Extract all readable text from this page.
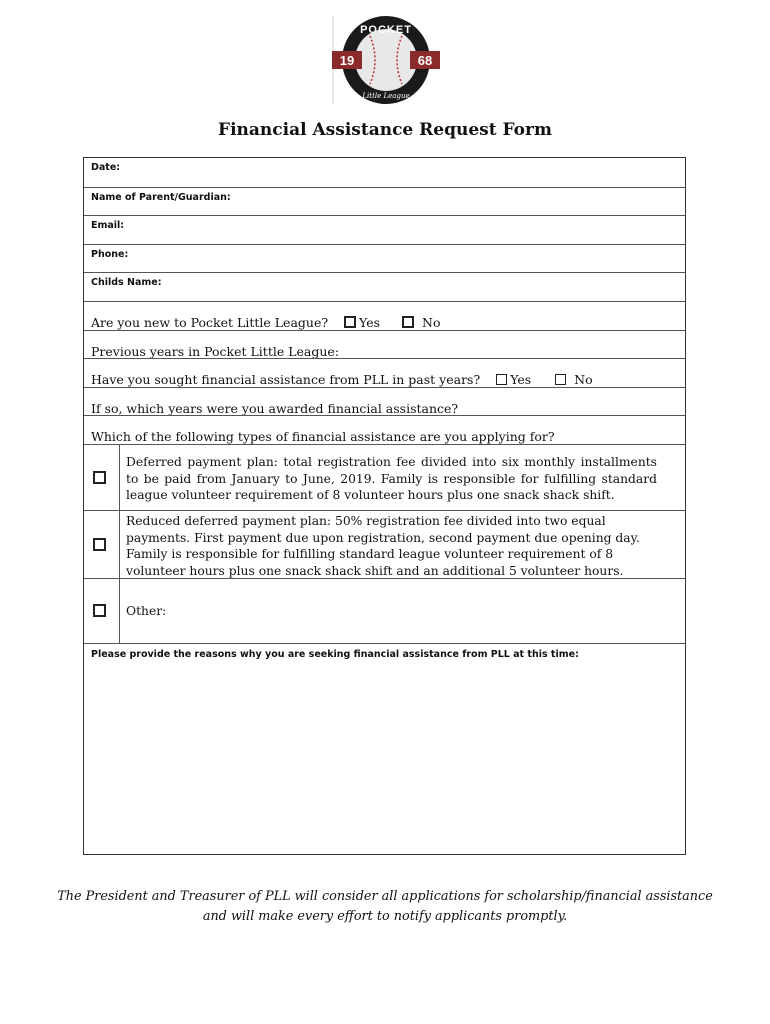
19	68
POCKET
Little League
Financial Assistance Request Form
Date:
Name of Parent/Guardian:
Email:
Phone:
Childs Name:
Are you new to Pocket Little League? Yes	No
Previous years in Pocket Little League:
Have you sought financial assistance from PLL in past years? Yes	No
If so, which years were you awarded financial assistance?
Which of the following types of financial assistance are you applying for?
Deferred payment plan: total registration fee divided into six monthly installments to be paid from January to June, 2019. Family is responsible for fulfilling standard league volunteer requirement of 8 volunteer hours plus one snack shack shift.
Reduced deferred payment plan: 50% registration fee divided into two equal payments. First payment due upon registration, second payment due opening day. Family is responsible for fulfilling standard league volunteer requirement of 8 volunteer hours plus one snack shack shift and an additional 5 volunteer hours.
Other:
Please provide the reasons why you are seeking financial assistance from PLL at this time:
The President and Treasurer of PLL will consider all applications for scholarship/financial assistance
and will make every effort to notify applicants promptly.
